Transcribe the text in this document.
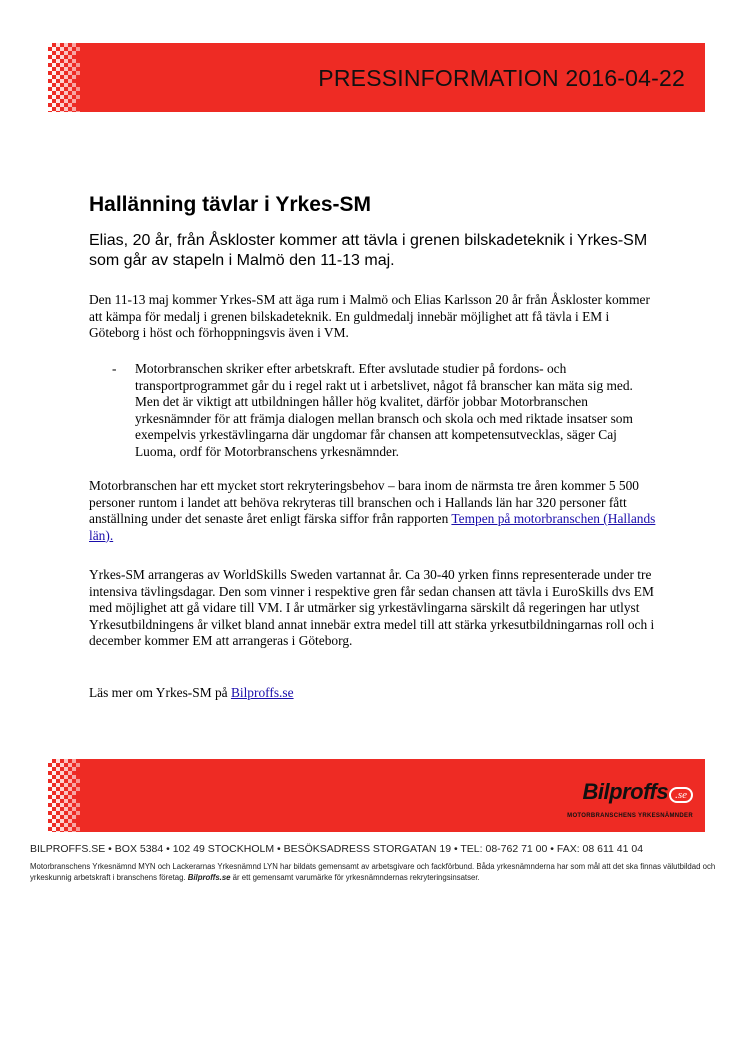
PRESSINFORMATION 2016-04-22
Hallänning tävlar i Yrkes-SM

Elias, 20 år, från Åskloster kommer att tävla i grenen bilskadeteknik i Yrkes-SM som går av stapeln i Malmö den 11-13 maj.

Den 11-13 maj kommer Yrkes-SM att äga rum i Malmö och Elias Karlsson 20 år från Åskloster kommer att kämpa för medalj i grenen bilskadeteknik. En guldmedalj innebär möjlighet att få tävla i EM i Göteborg i höst och förhoppningsvis även i VM.

- Motorbranschen skriker efter arbetskraft. Efter avslutade studier på fordons- och transportprogrammet går du i regel rakt ut i arbetslivet, något få branscher kan mäta sig med. Men det är viktigt att utbildningen håller hög kvalitet, därför jobbar Motorbranschen yrkesnämnder för att främja dialogen mellan bransch och skola och med riktade insatser som exempelvis yrkestävlingarna där ungdomar får chansen att kompetensutvecklas, säger Caj Luoma, ordf för Motorbranschens yrkesnämnder.

Motorbranschen har ett mycket stort rekryteringsbehov – bara inom de närmsta tre åren kommer 5 500 personer runtom i landet att behöva rekryteras till branschen och i Hallands län har 320 personer fått anställning under det senaste året enligt färska siffor från rapporten Tempen på motorbranschen (Hallands län).

Yrkes-SM arrangeras av WorldSkills Sweden vartannat år. Ca 30-40 yrken finns representerade under tre intensiva tävlingsdagar. Den som vinner i respektive gren får sedan chansen att tävla i EuroSkills dvs EM med möjlighet att gå vidare till VM. I år utmärker sig yrkestävlingarna särskilt då regeringen har utlyst Yrkesutbildningens år vilket bland annat innebär extra medel till att stärka yrkesutbildningarnas roll och i december kommer EM att arrangeras i Göteborg.

Läs mer om Yrkes-SM på Bilproffs.se

Bilproffs .se
MOTORBRANSCHENS YRKESNÄMNDER
BILPROFFS.SE • BOX 5384 • 102 49 STOCKHOLM • BESÖKSADRESS STORGATAN 19 • TEL: 08-762 71 00 • FAX: 08 611 41 04

Motorbranschens Yrkesnämnd MYN och Lackerarnas Yrkesnämnd LYN har bildats gemensamt av arbetsgivare och fackförbund. Båda yrkesnämnderna har som mål att det ska finnas välutbildad och yrkeskunnig arbetskraft i branschens företag. Bilproffs.se är ett gemensamt varumärke för yrkesnämndernas rekryteringsinsatser.
